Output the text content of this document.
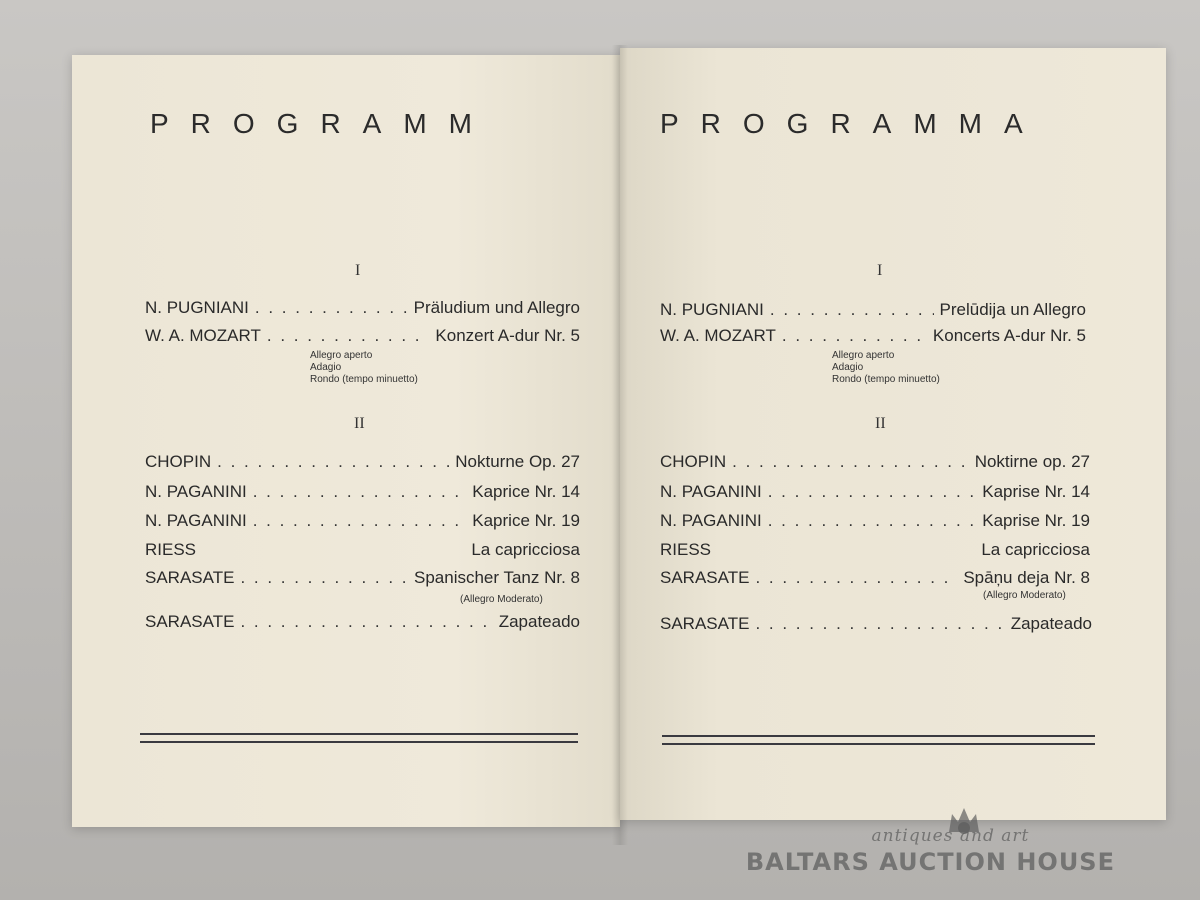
PROGRAMM
I
N. PUGNIANI . . .	Präludium und Allegro
W. A. MOZART . . .	Konzert A-dur Nr. 5
Allegro aperto
Adagio
Rondo (tempo minuetto)
II
CHOPIN . . .	Nokturne Op. 27
N. PAGANINI . . .	Kaprice Nr. 14
N. PAGANINI . . .	Kaprice Nr. 19
RIESS	La capricciosa
SARASATE . . .	Spanischer Tanz Nr. 8
(Allegro Moderato)
SARASATE . . .	Zapateado
PROGRAMMA
I
N. PUGNIANI . . .	Prelūdija un Allegro
W. A. MOZART . . .	Koncerts A-dur Nr. 5
Allegro aperto
Adagio
Rondo (tempo minuetto)
II
CHOPIN . . .	Noktirne op. 27
N. PAGANINI . . .	Kaprise Nr. 14
N. PAGANINI . . .	Kaprise Nr. 19
RIESS	La capricciosa
SARASATE . . .	Spāņu deja Nr. 8
(Allegro Moderato)
SARASATE . . .	Zapateado
antiques and art
BALTARS AUCTION HOUSE
